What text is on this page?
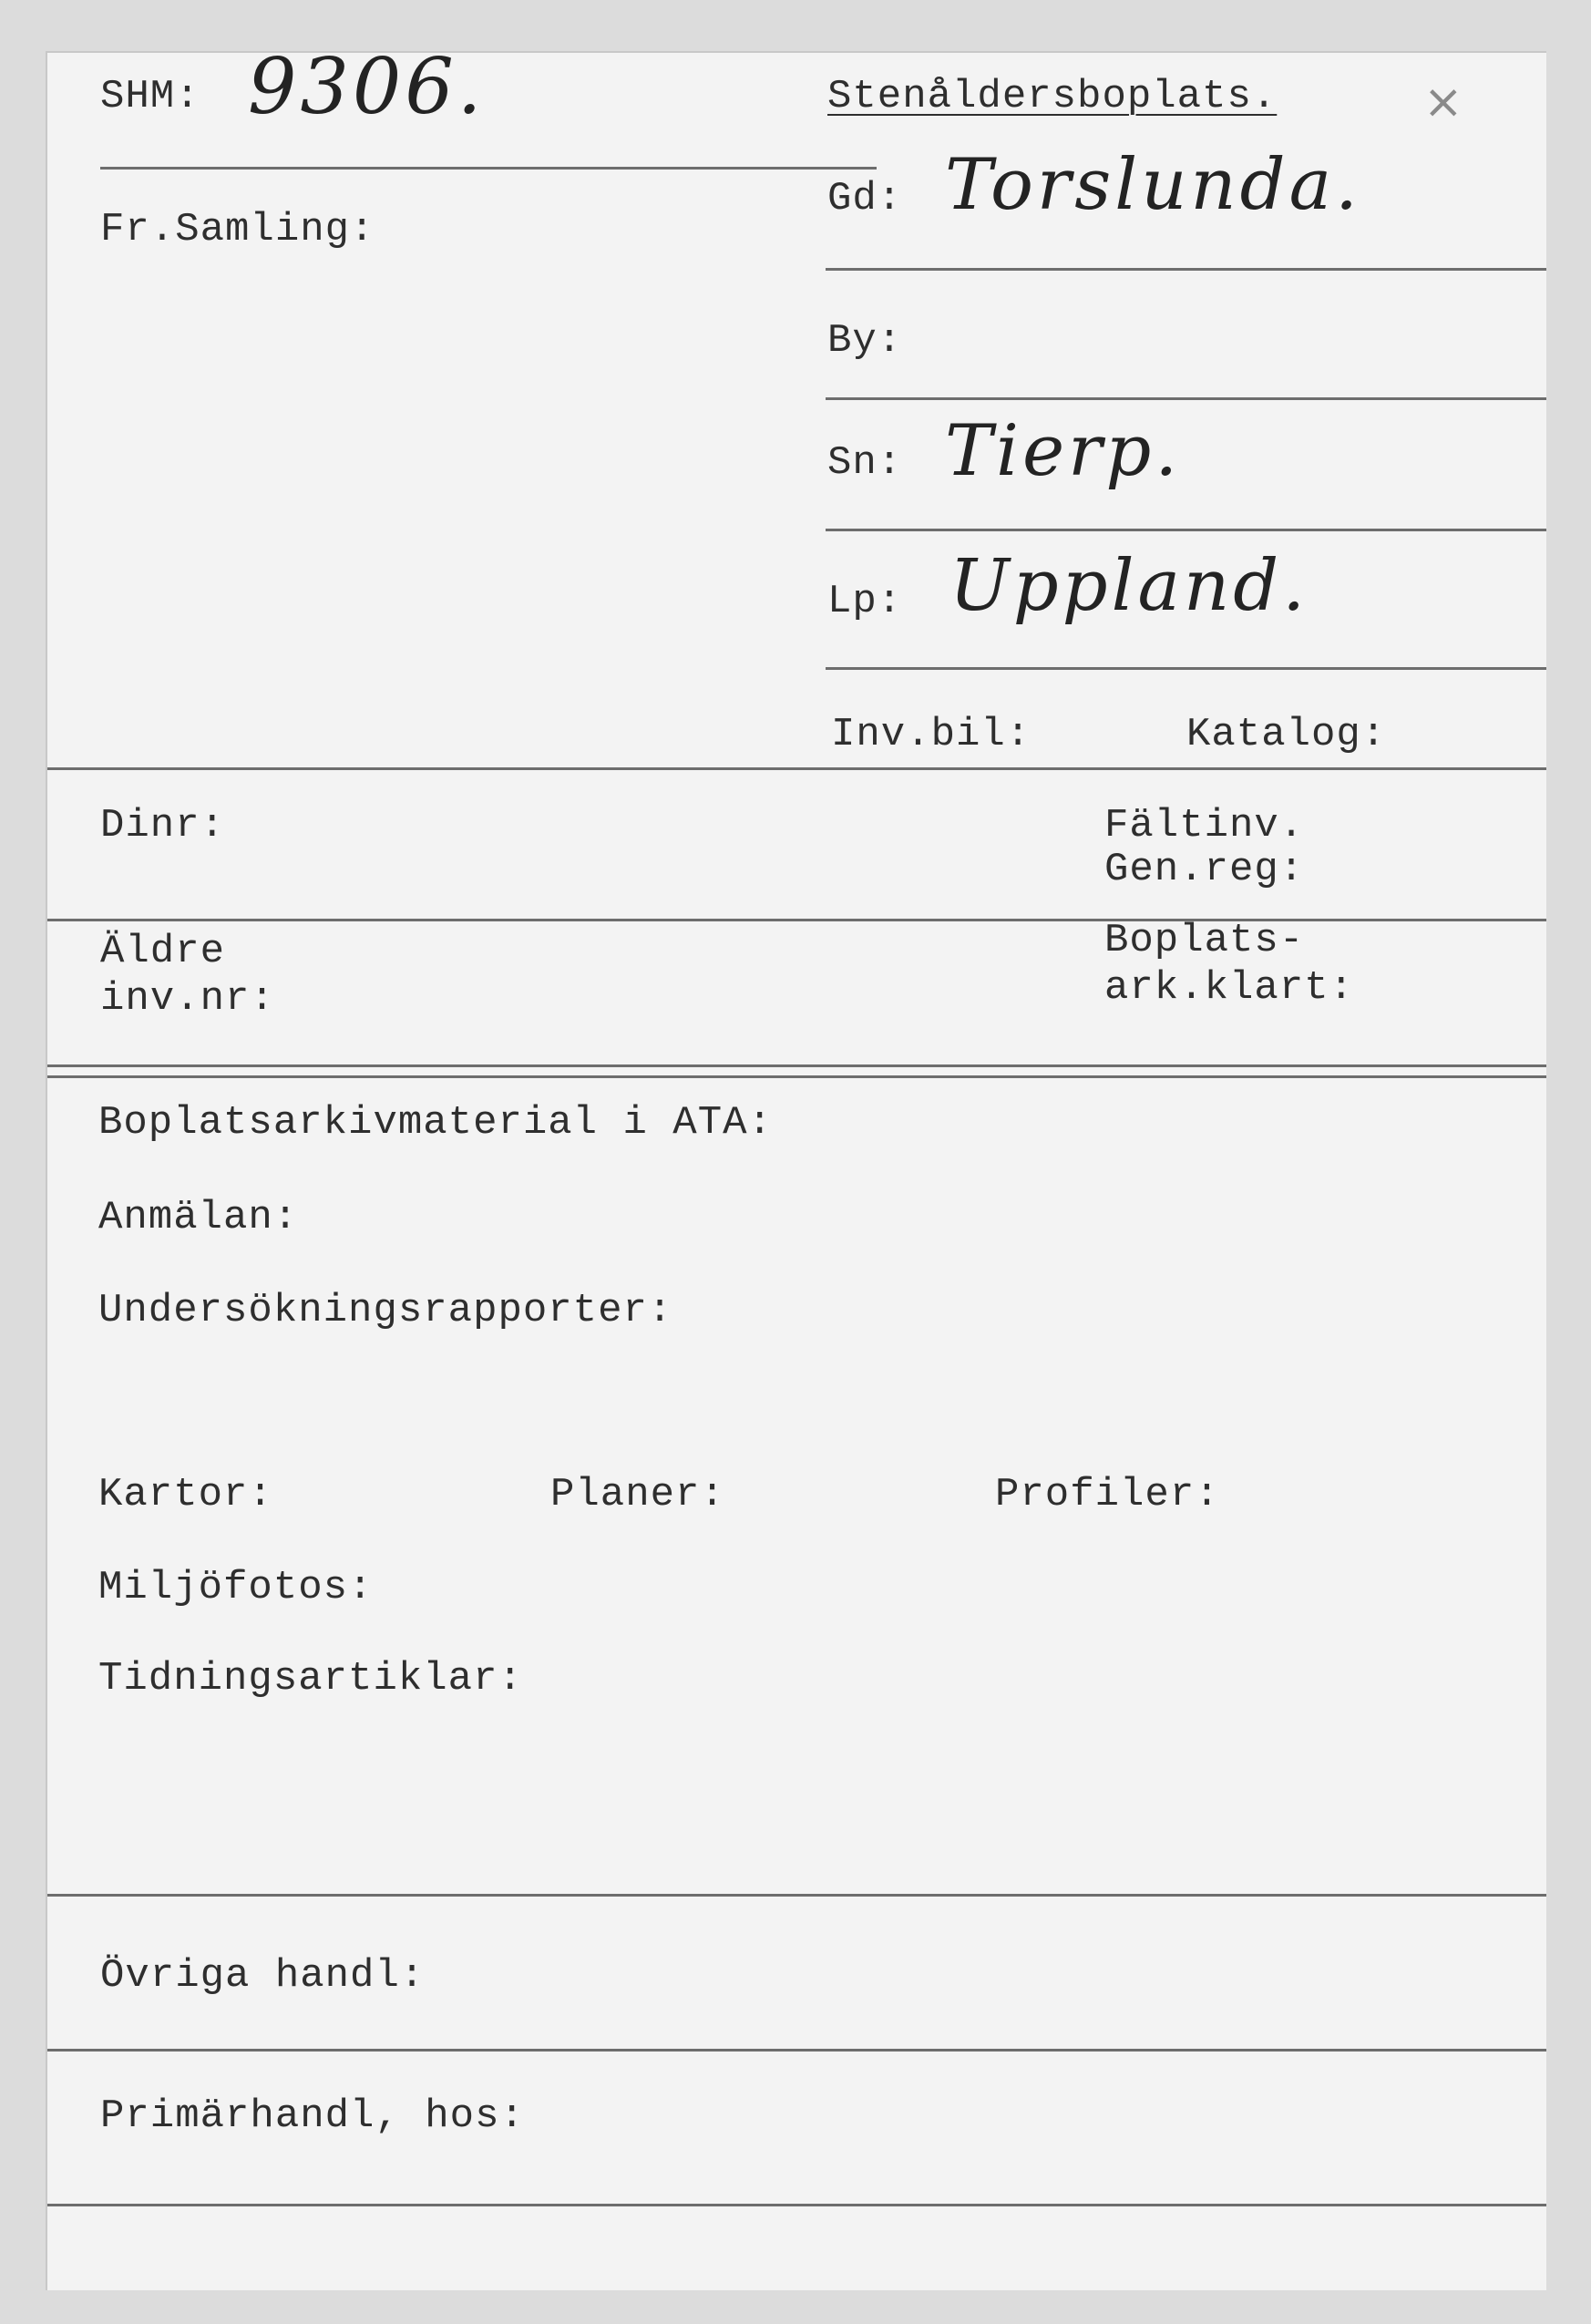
SHM: 9306.
Fr.Samling:
Stenåldersboplats.	×
Gd: Torslunda.
By:
Sn: Tierp.
Lp: Uppland.
Inv.bil:	Katalog:
Dinr:	Fältinv.
Gen.reg:
Äldre
inv.nr:
Boplats-
ark.klart:
Boplatsarkivmaterial i ATA:
Anmälan:
Undersökningsrapporter:
Kartor:	Planer:	Profiler:
Miljöfotos:
Tidningsartiklar:
Övriga handl:
Primärhandl, hos:
